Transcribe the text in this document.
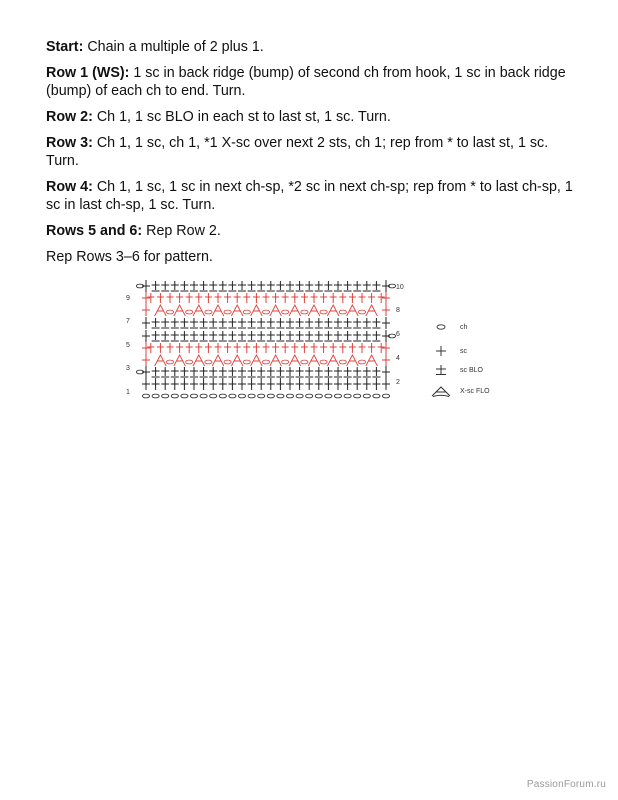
Start: Chain a multiple of 2 plus 1.

Row 1 (WS): 1 sc in back ridge (bump) of second ch from hook, 1 sc in back ridge (bump) of each ch to end. Turn.

Row 2: Ch 1, 1 sc BLO in each st to last st, 1 sc. Turn.

Row 3: Ch 1, 1 sc, ch 1, *1 X-sc over next 2 sts, ch 1; rep from * to last st, 1 sc. Turn.

Row 4: Ch 1, 1 sc, 1 sc in next ch-sp, *2 sc in next ch-sp; rep from * to last ch-sp, 1 sc in last ch-sp, 1 sc. Turn.

Rows 5 and 6: Rep Row 2.

Rep Rows 3–6 for pattern.

9
7
5
3
1
10
8
6
4
2
ch
sc
sc BLO
X-sc FLO
PassionForum.ru
